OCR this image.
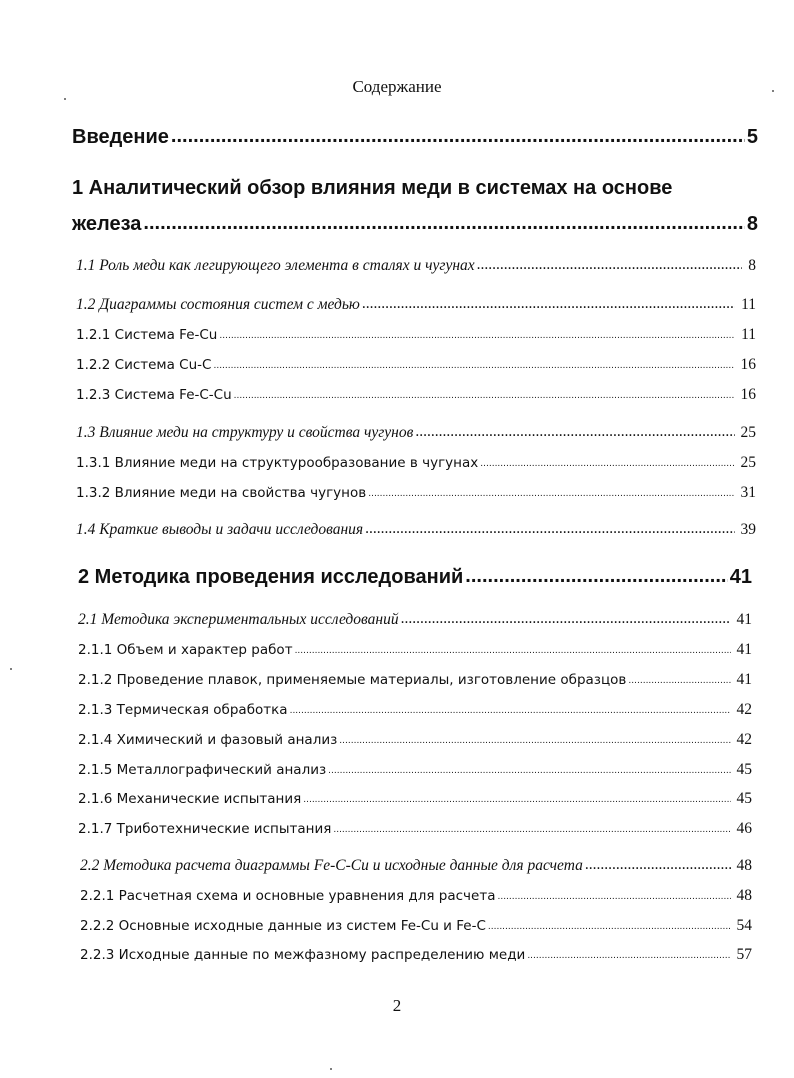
Содержание
Введение .....	5
1 Аналитический обзор влияния меди в системах на основе
железа .....	8
1.1 Роль меди как легирующего элемента в сталях и чугунах .....	8
1.2 Диаграммы состояния систем с медью .....	11
1.2.1 Система Fe-Cu .....	11
1.2.2 Система Cu-C .....	16
1.2.3 Система Fe-C-Cu .....	16
1.3 Влияние меди на структуру и свойства чугунов .....	25
1.3.1 Влияние меди на структурообразование в чугунах .....	25
1.3.2 Влияние меди на свойства чугунов .....	31
1.4 Краткие выводы и задачи исследования .....	39
2 Методика проведения исследований .....	41
2.1 Методика экспериментальных исследований .....	41
2.1.1 Объем и характер работ .....	41
2.1.2 Проведение плавок, применяемые материалы, изготовление образцов .....	41
2.1.3 Термическая обработка .....	42
2.1.4 Химический и фазовый анализ .....	42
2.1.5 Металлографический анализ .....	45
2.1.6 Механические испытания .....	45
2.1.7 Триботехнические испытания .....	46
2.2 Методика расчета диаграммы Fe-C-Cu и исходные данные для расчета .....	48
2.2.1 Расчетная схема и основные уравнения для расчета .....	48
2.2.2 Основные исходные данные из систем Fe-Cu и Fe-C .....	54
2.2.3 Исходные данные по межфазному распределению меди .....	57
2
